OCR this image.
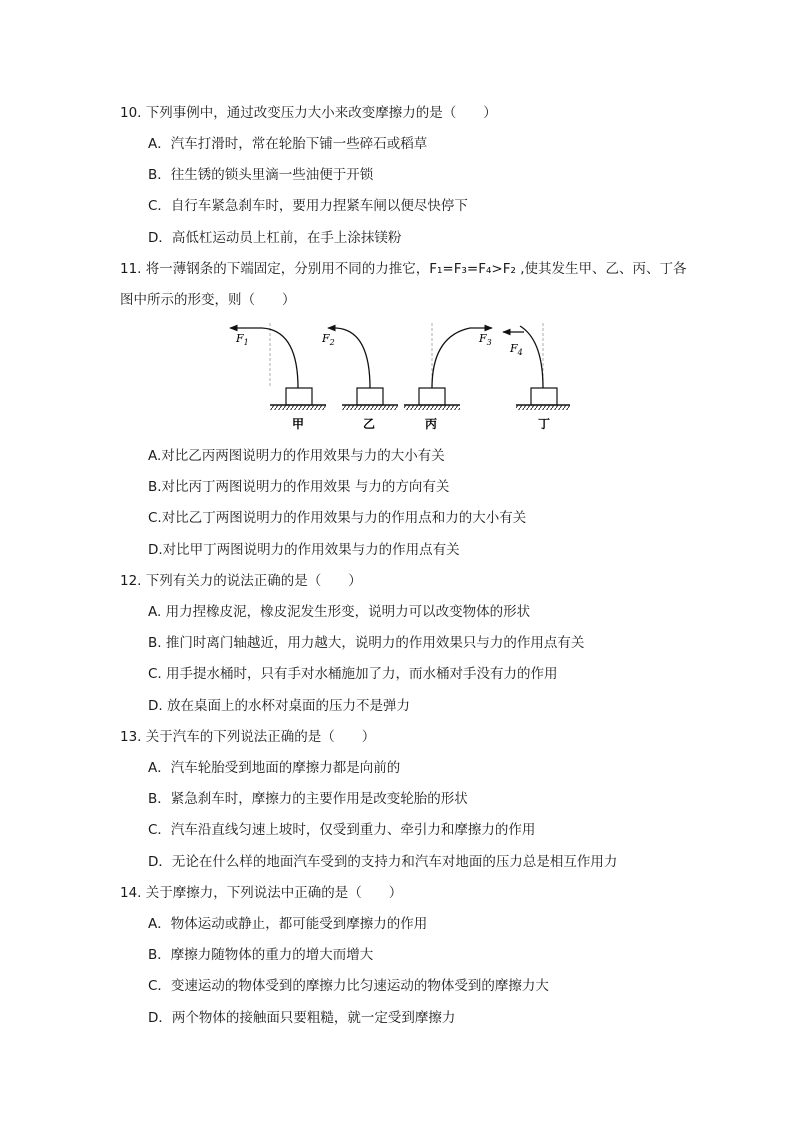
10. 下列事例中，通过改变压力大小来改变摩擦力的是（　　）
A．汽车打滑时，常在轮胎下铺一些碎石或稻草
B．往生锈的锁头里滴一些油便于开锁
C．自行车紧急刹车时，要用力捏紧车闸以便尽快停下
D．高低杠运动员上杠前，在手上涂抹镁粉
11. 将一薄钢条的下端固定，分别用不同的力推它，F₁=F₃=F₄>F₂ ,使其发生甲、乙、丙、丁各
图中所示的形变，则（　　）
$F_1$
甲
$F_2$
乙
$F_3$
丙
$F_4$
丁
A.对比乙丙两图说明力的作用效果与力的大小有关
B.对比丙丁两图说明力的作用效果 与力的方向有关
C.对比乙丁两图说明力的作用效果与力的作用点和力的大小有关
D.对比甲丁两图说明力的作用效果与力的作用点有关
12. 下列有关力的说法正确的是（　　）
A. 用力捏橡皮泥，橡皮泥发生形变，说明力可以改变物体的形状
B. 推门时离门轴越近，用力越大，说明力的作用效果只与力的作用点有关
C. 用手提水桶时，只有手对水桶施加了力，而水桶对手没有力的作用
D. 放在桌面上的水杯对桌面的压力不是弹力
13. 关于汽车的下列说法正确的是（　　）
A．汽车轮胎受到地面的摩擦力都是向前的
B．紧急刹车时，摩擦力的主要作用是改变轮胎的形状
C．汽车沿直线匀速上坡时，仅受到重力、牵引力和摩擦力的作用
D．无论在什么样的地面汽车受到的支持力和汽车对地面的压力总是相互作用力
14. 关于摩擦力，下列说法中正确的是（　　）
A．物体运动或静止，都可能受到摩擦力的作用
B．摩擦力随物体的重力的增大而增大
C．变速运动的物体受到的摩擦力比匀速运动的物体受到的摩擦力大
D．两个物体的接触面只要粗糙，就一定受到摩擦力
